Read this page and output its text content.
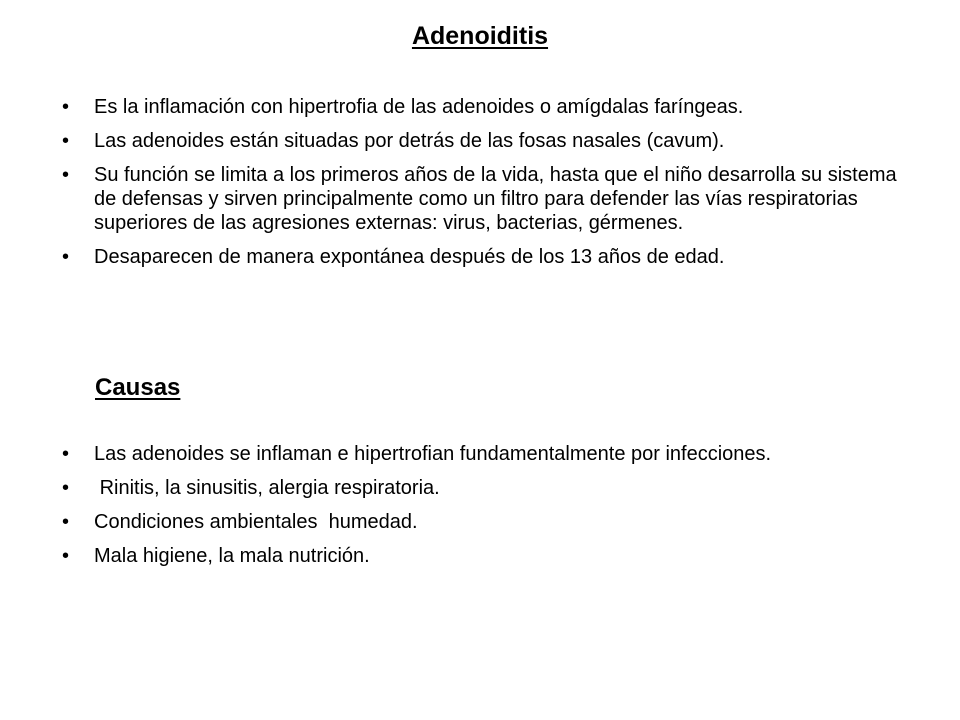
Adenoiditis
•	Es la inflamación con hipertrofia de las adenoides o amígdalas faríngeas.
•	Las adenoides están situadas por detrás de las fosas nasales (cavum).
•	Su función se limita a los primeros años de la vida, hasta que el niño desarrolla su sistema de defensas y sirven principalmente como un filtro para defender las vías respiratorias superiores de las agresiones externas: virus, bacterias, gérmenes.
•	Desaparecen de manera expontánea después de los 13 años de edad.
Causas
•	Las adenoides se inflaman e hipertrofian fundamentalmente por infecciones.
•	Rinitis, la sinusitis, alergia respiratoria.
•	Condiciones ambientales  humedad.
•	Mala higiene, la mala nutrición.
